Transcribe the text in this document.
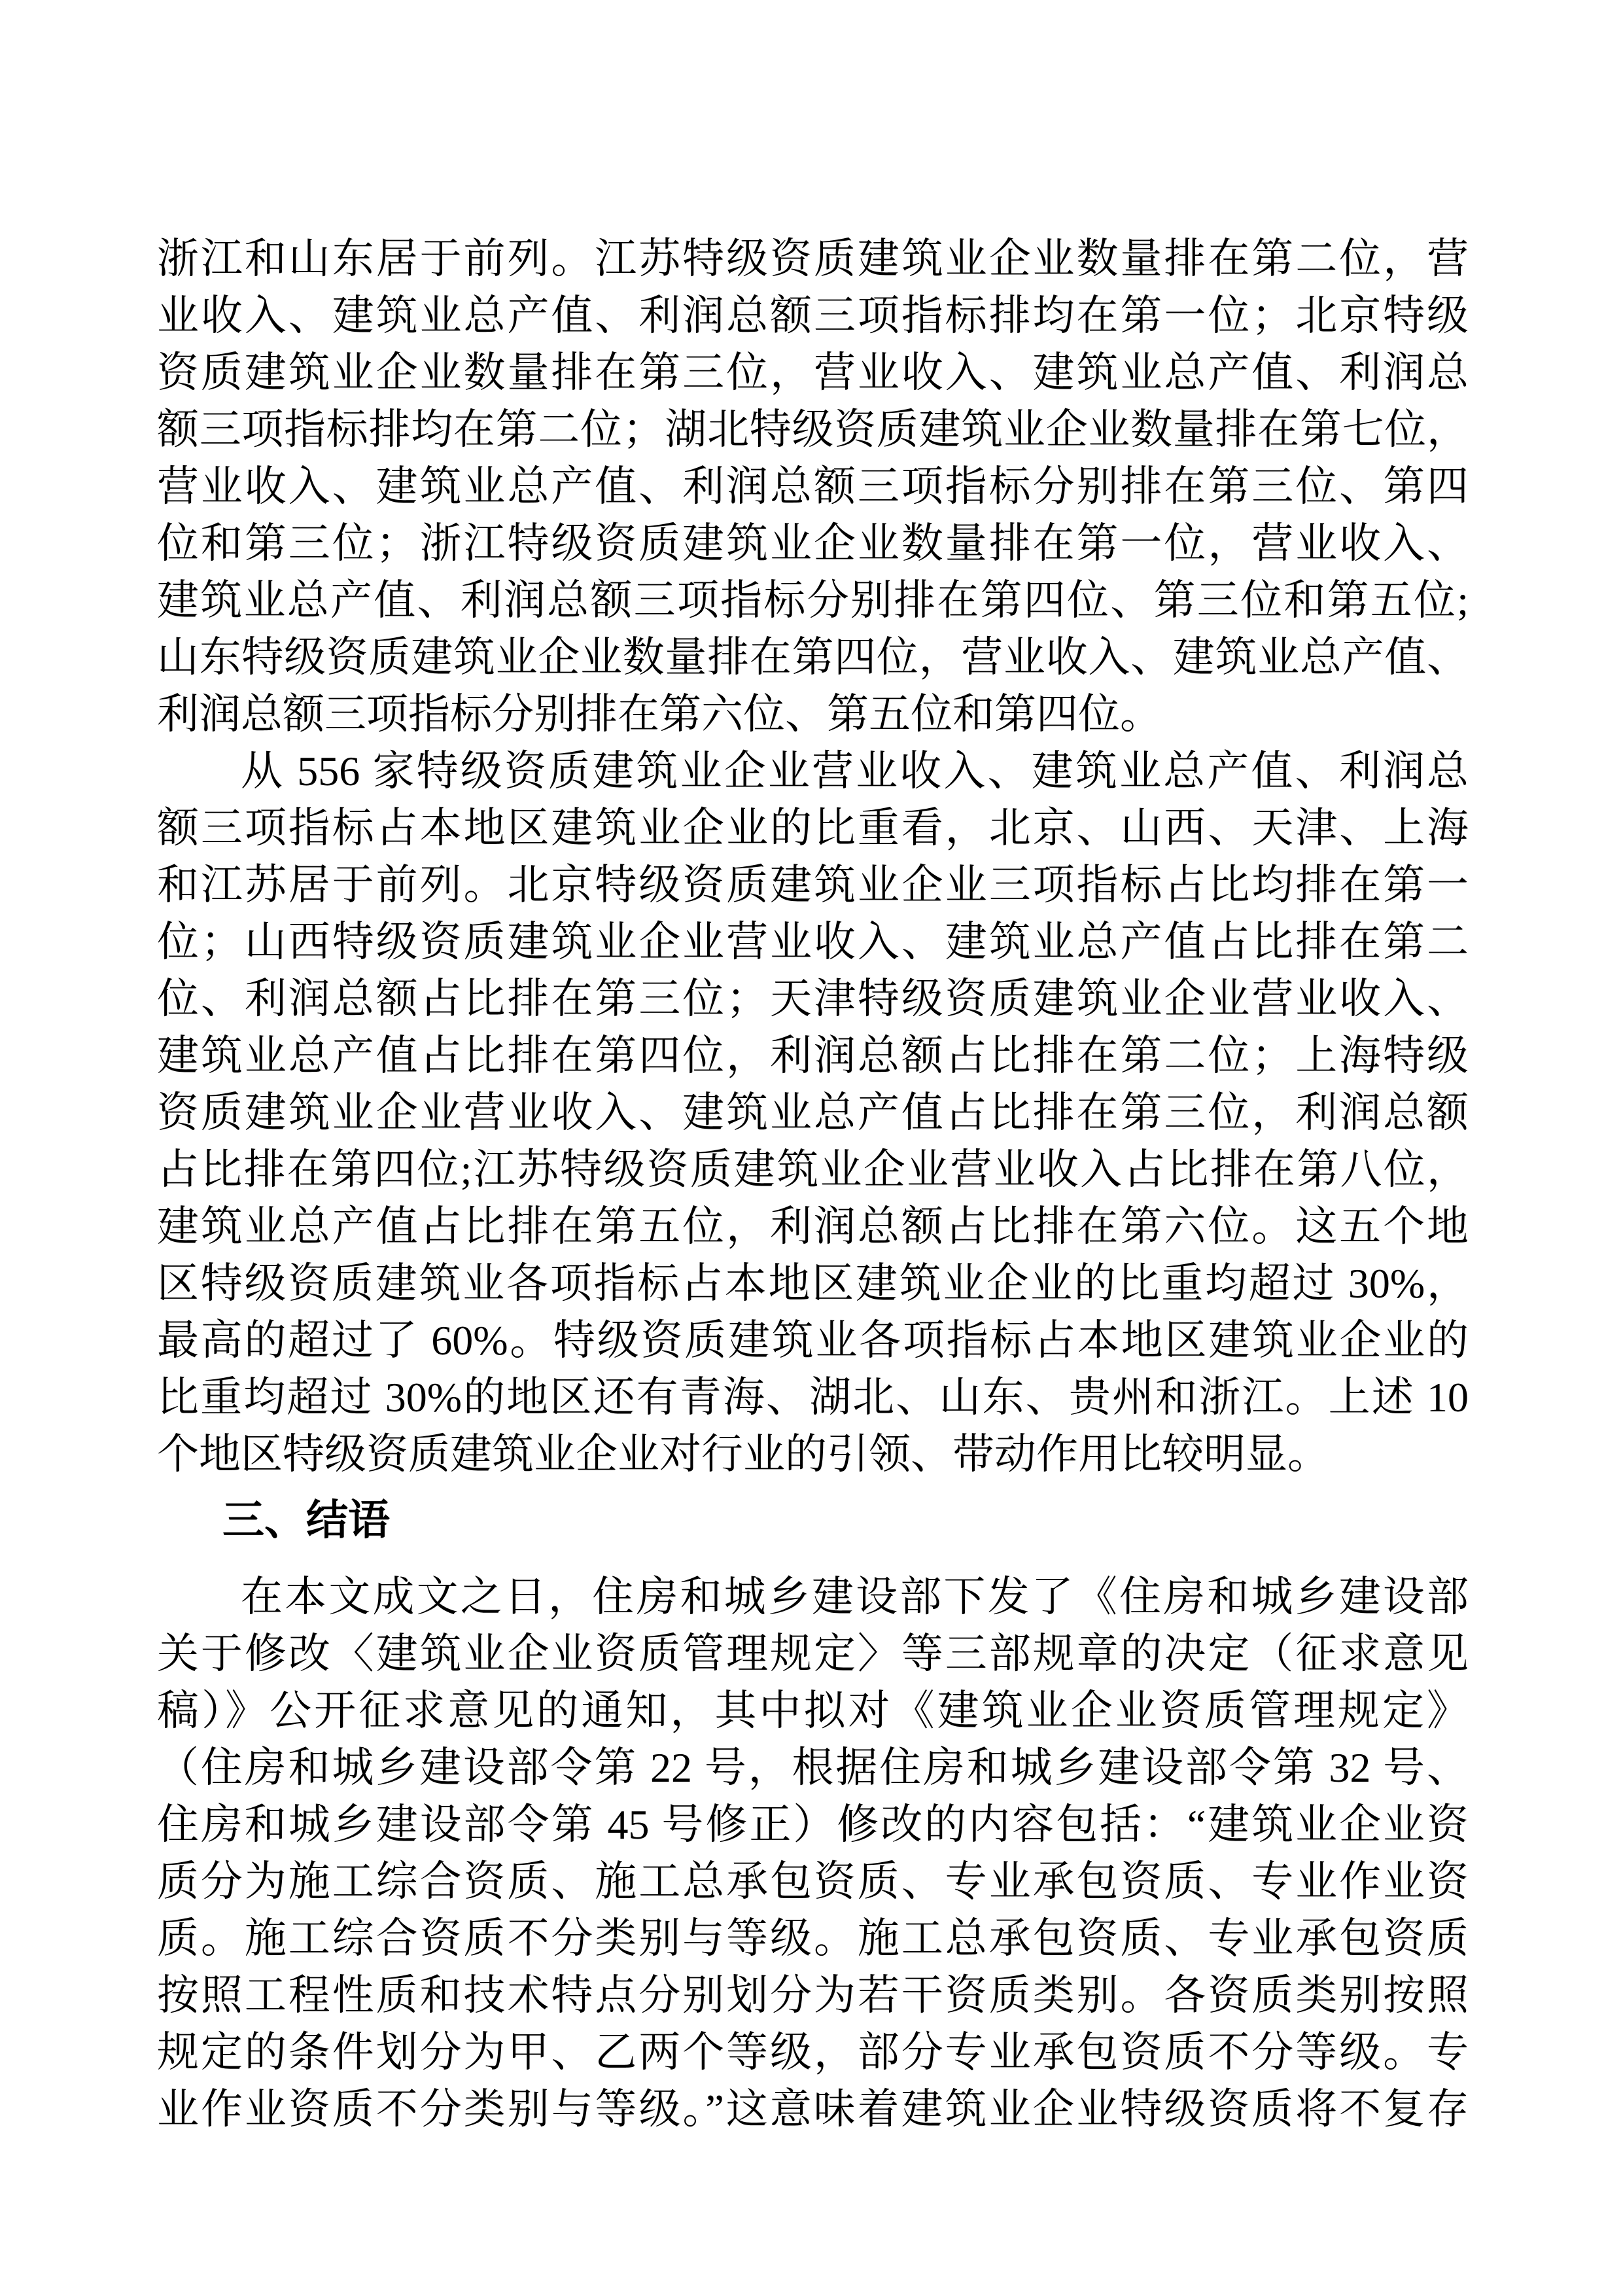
浙江和山东居于前列。江苏特级资质建筑业企业数量排在第二位，营
业收入、建筑业总产值、利润总额三项指标排均在第一位；北京特级
资质建筑业企业数量排在第三位，营业收入、建筑业总产值、利润总
额三项指标排均在第二位；湖北特级资质建筑业企业数量排在第七位，
营业收入、建筑业总产值、利润总额三项指标分别排在第三位、第四
位和第三位；浙江特级资质建筑业企业数量排在第一位，营业收入、
建筑业总产值、利润总额三项指标分别排在第四位、第三位和第五位;
山东特级资质建筑业企业数量排在第四位，营业收入、建筑业总产值、
利润总额三项指标分别排在第六位、第五位和第四位。
从 556 家特级资质建筑业企业营业收入、建筑业总产值、利润总
额三项指标占本地区建筑业企业的比重看，北京、山西、天津、上海
和江苏居于前列。北京特级资质建筑业企业三项指标占比均排在第一
位；山西特级资质建筑业企业营业收入、建筑业总产值占比排在第二
位、利润总额占比排在第三位；天津特级资质建筑业企业营业收入、
建筑业总产值占比排在第四位，利润总额占比排在第二位；上海特级
资质建筑业企业营业收入、建筑业总产值占比排在第三位，利润总额
占比排在第四位;江苏特级资质建筑业企业营业收入占比排在第八位，
建筑业总产值占比排在第五位，利润总额占比排在第六位。这五个地
区特级资质建筑业各项指标占本地区建筑业企业的比重均超过 30%，
最高的超过了 60%。特级资质建筑业各项指标占本地区建筑业企业的
比重均超过 30%的地区还有青海、湖北、山东、贵州和浙江。上述 10
个地区特级资质建筑业企业对行业的引领、带动作用比较明显。
三、结语
在本文成文之日，住房和城乡建设部下发了《住房和城乡建设部
关于修改〈建筑业企业资质管理规定〉等三部规章的决定（征求意见
稿）》公开征求意见的通知，其中拟对《建筑业企业资质管理规定》
（住房和城乡建设部令第 22 号，根据住房和城乡建设部令第 32 号、
住房和城乡建设部令第 45 号修正）修改的内容包括：“建筑业企业资
质分为施工综合资质、施工总承包资质、专业承包资质、专业作业资
质。施工综合资质不分类别与等级。施工总承包资质、专业承包资质
按照工程性质和技术特点分别划分为若干资质类别。各资质类别按照
规定的条件划分为甲、乙两个等级，部分专业承包资质不分等级。专
业作业资质不分类别与等级。”这意味着建筑业企业特级资质将不复存
